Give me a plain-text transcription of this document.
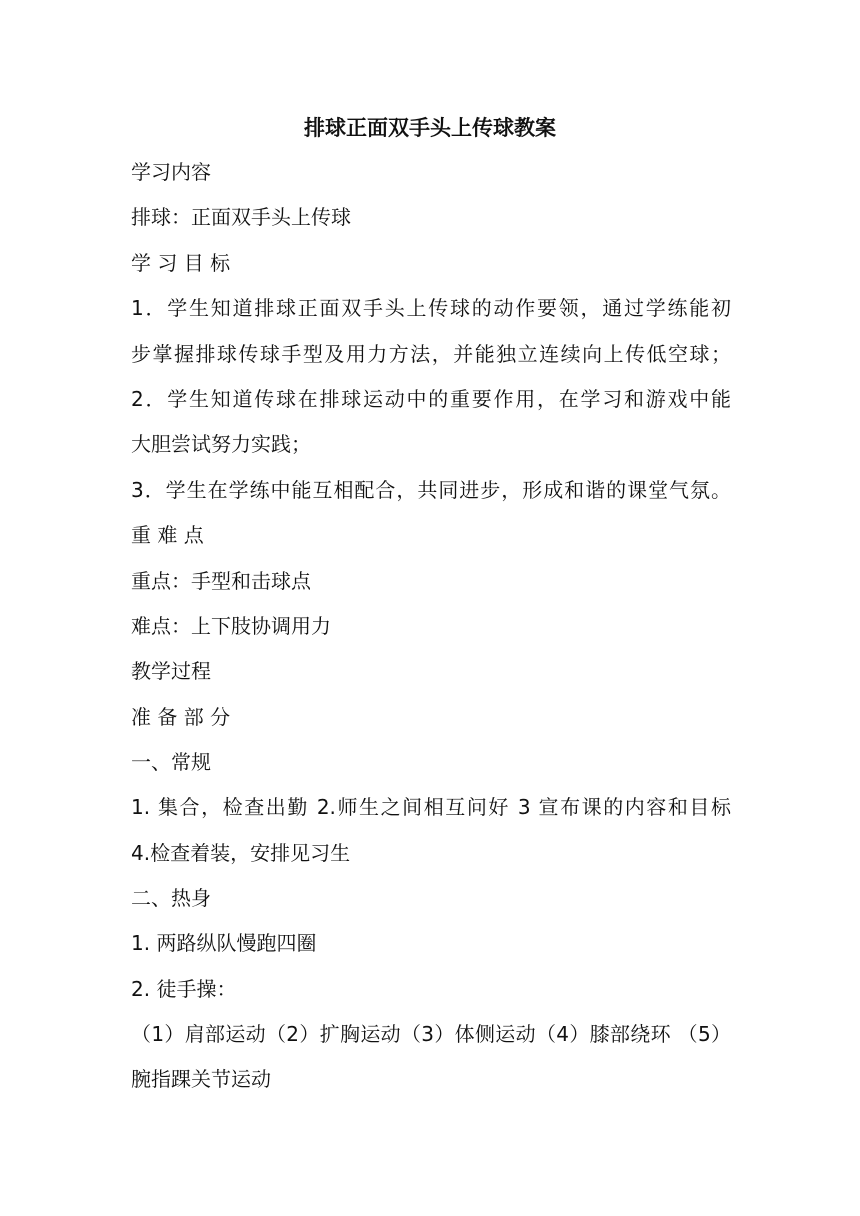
排球正面双手头上传球教案
学习内容
排球：正面双手头上传球
学 习 目 标
1．学生知道排球正面双手头上传球的动作要领，通过学练能初
步掌握排球传球手型及用力方法，并能独立连续向上传低空球；
2．学生知道传球在排球运动中的重要作用，在学习和游戏中能
大胆尝试努力实践；
3．学生在学练中能互相配合，共同进步，形成和谐的课堂气氛。
重 难 点
重点：手型和击球点
难点：上下肢协调用力
教学过程
准 备 部 分
一、常规
1. 集合，检查出勤 2.师生之间相互问好 3 宣布课的内容和目标
4.检查着装，安排见习生
二、热身
1. 两路纵队慢跑四圈
2. 徒手操：
（1）肩部运动（2）扩胸运动（3）体侧运动（4）膝部绕环 （5）
腕指踝关节运动
